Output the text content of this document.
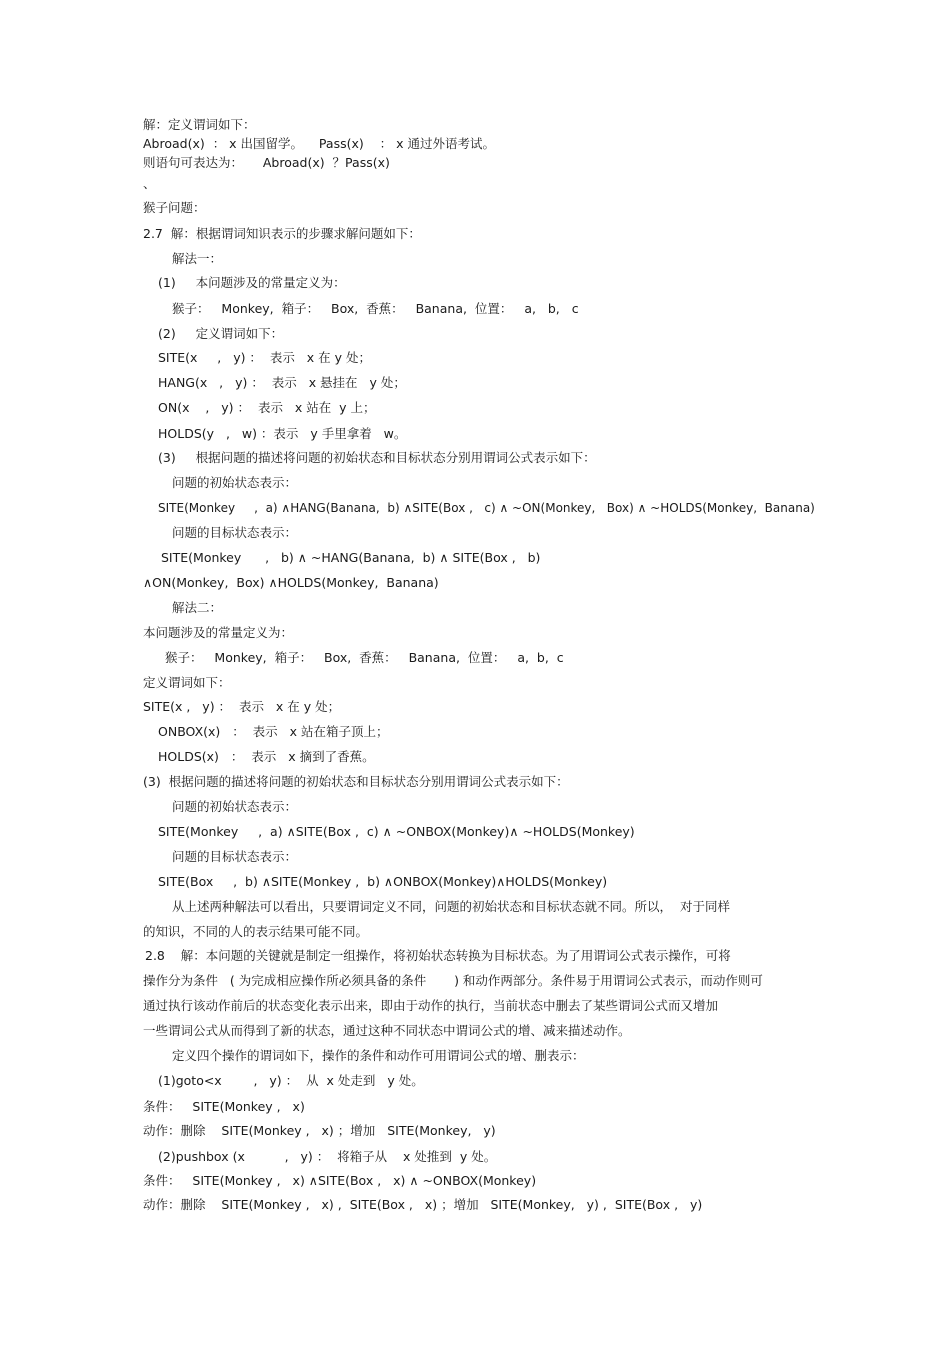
解：定义谓词如下：
Abroad(x)  ： x 出国留学。    Pass(x)    ： x 通过外语考试。
则语句可表达为：     Abroad(x)  ？Pass(x)
、
猴子问题：
2.7  解：根据谓词知识表示的步骤求解问题如下：
解法一：
(1)     本问题涉及的常量定义为：
猴子：   Monkey,  箱子：   Box,  香蕉：   Banana,  位置：   a,   b,   c
(2)     定义谓词如下：
SITE(x     ,   y) ：  表示   x 在 y 处；
HANG(x   ,   y) ：  表示   x 悬挂在   y 处；
ON(x    ,   y) ：  表示   x 站在  y 上；
HOLDS(y   ,   w) ：表示   y 手里拿着   w。
(3)     根据问题的描述将问题的初始状态和目标状态分别用谓词公式表示如下：
问题的初始状态表示：
SITE(Monkey     ,  a) ∧HANG(Banana,  b) ∧SITE(Box ,   c) ∧ ~ON(Monkey,   Box) ∧ ~HOLDS(Monkey,  Banana)
问题的目标状态表示：
SITE(Monkey      ,   b) ∧ ~HANG(Banana,  b) ∧ SITE(Box ,   b)
∧ON(Monkey,  Box) ∧HOLDS(Monkey,  Banana)
解法二：
本问题涉及的常量定义为：
猴子：   Monkey,  箱子：   Box,  香蕉：   Banana,  位置：   a,  b,  c
定义谓词如下：
SITE(x ,   y) ：  表示   x 在 y 处；
ONBOX(x)   ：  表示   x 站在箱子顶上；
HOLDS(x)   ：  表示   x 摘到了香蕉。
(3)  根据问题的描述将问题的初始状态和目标状态分别用谓词公式表示如下：
问题的初始状态表示：
SITE(Monkey     ,  a) ∧SITE(Box ,  c) ∧ ~ONBOX(Monkey)∧ ~HOLDS(Monkey)
问题的目标状态表示：
SITE(Box     ,  b) ∧SITE(Monkey ,  b) ∧ONBOX(Monkey)∧HOLDS(Monkey)
从上述两种解法可以看出，只要谓词定义不同，问题的初始状态和目标状态就不同。所以，  对于同样
的知识，不同的人的表示结果可能不同。
2.8    解：本问题的关键就是制定一组操作，将初始状态转换为目标状态。为了用谓词公式表示操作，可将
操作分为条件   ( 为完成相应操作所必须具备的条件       ) 和动作两部分。条件易于用谓词公式表示，而动作则可
通过执行该动作前后的状态变化表示出来，即由于动作的执行，当前状态中删去了某些谓词公式而又增加
一些谓词公式从而得到了新的状态，通过这种不同状态中谓词公式的增、减来描述动作。
定义四个操作的谓词如下，操作的条件和动作可用谓词公式的增、删表示：
(1)goto<x        ,   y) ：  从  x 处走到   y 处。
条件：   SITE(Monkey ,   x)
动作：删除    SITE(Monkey ,   x) ；增加   SITE(Monkey,   y)
(2)pushbox (x          ,   y) ：  将箱子从    x 处推到  y 处。
条件：   SITE(Monkey ,   x) ∧SITE(Box ,   x) ∧ ~ONBOX(Monkey)
动作：删除    SITE(Monkey ,   x) ,  SITE(Box ,   x) ；增加   SITE(Monkey,   y) ,  SITE(Box ,   y)
